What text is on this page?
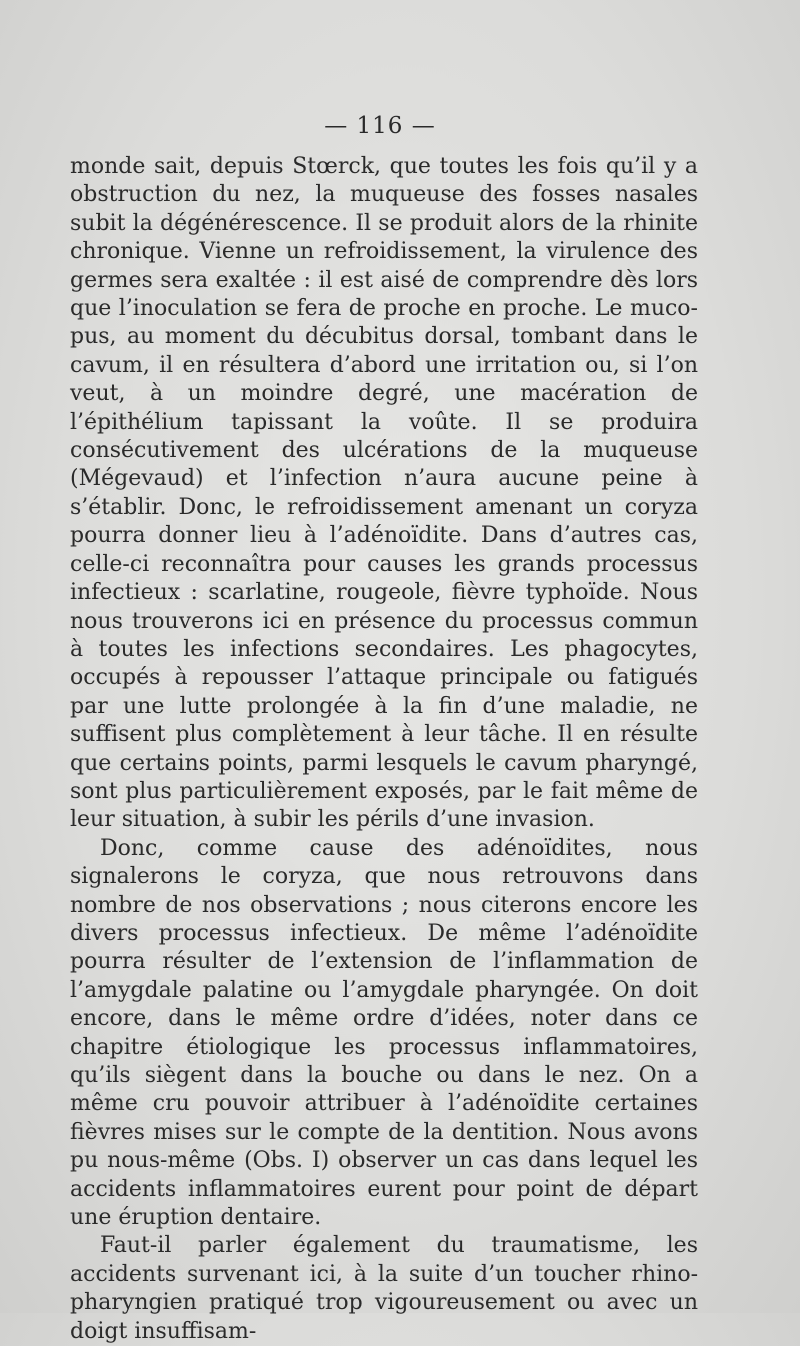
— 116 —

monde sait, depuis Stœrck, que toutes les fois qu’il y a obstruction du nez, la muqueuse des fosses nasales subit la dégénérescence. Il se produit alors de la rhinite chronique. Vienne un refroidissement, la virulence des germes sera exaltée : il est aisé de comprendre dès lors que l’inoculation se fera de proche en proche. Le muco-pus, au moment du décubitus dorsal, tombant dans le cavum, il en résultera d’abord une irritation ou, si l’on veut, à un moindre degré, une macération de l’épithélium tapissant la voûte. Il se produira consécutivement des ulcérations de la muqueuse (Mégevaud) et l’infection n’aura aucune peine à s’établir. Donc, le refroidissement amenant un coryza pourra donner lieu à l’adénoïdite. Dans d’autres cas, celle-ci reconnaîtra pour causes les grands processus infectieux : scarlatine, rougeole, fièvre typhoïde. Nous nous trouverons ici en présence du processus commun à toutes les infections secondaires. Les phagocytes, occupés à repousser l’attaque principale ou fatigués par une lutte prolongée à la fin d’une maladie, ne suffisent plus complètement à leur tâche. Il en résulte que certains points, parmi lesquels le cavum pharyngé, sont plus particulièrement exposés, par le fait même de leur situation, à subir les périls d’une invasion.

Donc, comme cause des adénoïdites, nous signalerons le coryza, que nous retrouvons dans nombre de nos observations ; nous citerons encore les divers processus infectieux. De même l’adénoïdite pourra résulter de l’extension de l’inflammation de l’amygdale palatine ou l’amygdale pharyngée. On doit encore, dans le même ordre d’idées, noter dans ce chapitre étiologique les processus inflammatoires, qu’ils siègent dans la bouche ou dans le nez. On a même cru pouvoir attribuer à l’adénoïdite certaines fièvres mises sur le compte de la dentition. Nous avons pu nous-même (Obs. I) observer un cas dans lequel les accidents inflammatoires eurent pour point de départ une éruption dentaire.

Faut-il parler également du traumatisme, les accidents survenant ici, à la suite d’un toucher rhino-pharyngien pratiqué trop vigoureusement ou avec un doigt insuffisam-
